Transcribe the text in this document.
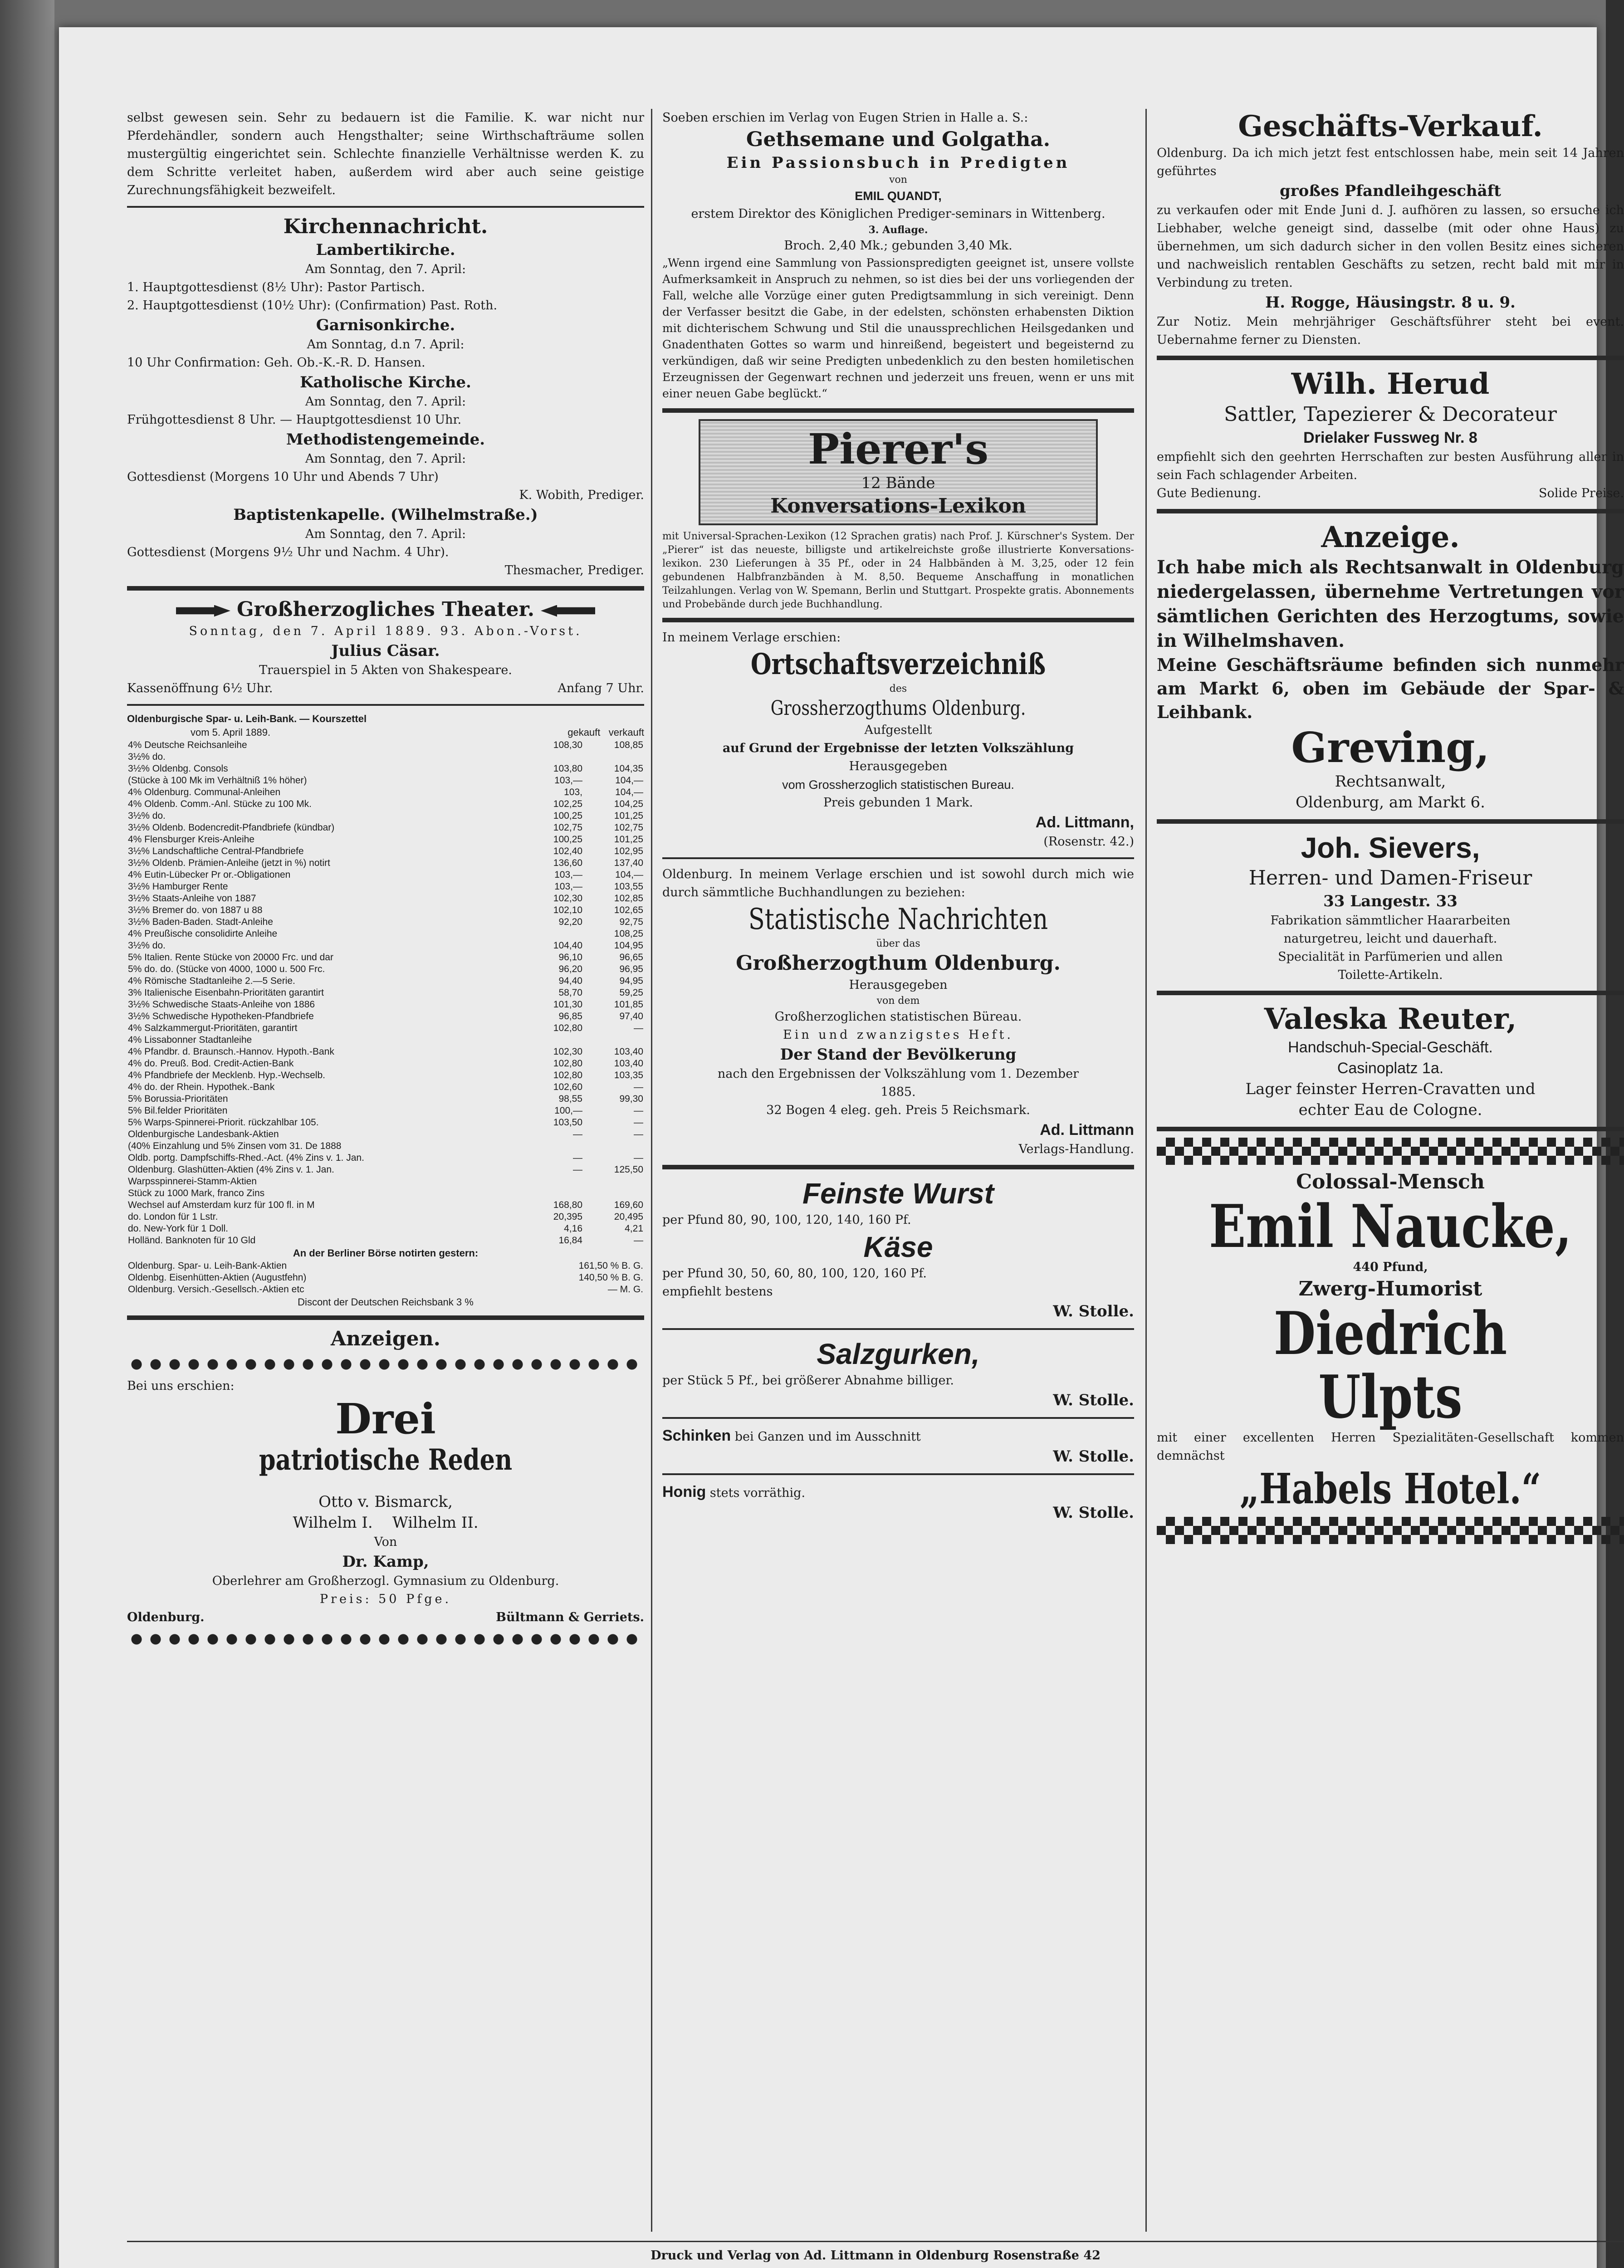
selbst gewesen sein. Sehr zu bedauern ist die Familie. K. war nicht nur Pferdehändler, sondern auch Hengsthalter; seine Wirthschafträume sollen mustergültig eingerichtet sein. Schlechte finanzielle Verhältnisse werden K. zu dem Schritte verleitet haben, außerdem wird aber auch seine geistige Zurechnungsfähigkeit bezweifelt.

Kirchennachricht.
Lambertikirche.
Am Sonntag, den 7. April:
1. Hauptgottesdienst (8½ Uhr): Pastor Partisch.
2. Hauptgottesdienst (10½ Uhr): (Confirmation) Past. Roth.
Garnisonkirche.
Am Sonntag, d.n 7. April:
10 Uhr Confirmation: Geh. Ob.-K.-R. D. Hansen.
Katholische Kirche.
Am Sonntag, den 7. April:
Frühgottesdienst 8 Uhr. — Hauptgottesdienst 10 Uhr.
Methodistengemeinde.
Am Sonntag, den 7. April:
Gottesdienst (Morgens 10 Uhr und Abends 7 Uhr)
K. Wobith, Prediger.
Baptistenkapelle. (Wilhelmstraße.)
Am Sonntag, den 7. April:
Gottesdienst (Morgens 9½ Uhr und Nachm. 4 Uhr).
Thesmacher, Prediger.
Großherzogliches Theater.
Sonntag, den 7. April 1889. 93. Abon.-Vorst.
Julius Cäsar.
Trauerspiel in 5 Akten von Shakespeare.
Kassenöffnung 6½ Uhr.	Anfang 7 Uhr.
Oldenburgische Spar- u. Leih-Bank. — Kourszettel
vom 5. April 1889.	gekauft verkauft
4% Deutsche Reichsanleihe	108,30	108,85
3½% do.		
3½% Oldenbg. Consols	103,80	104,35
(Stücke à 100 Mk im Verhältniß 1% höher)	103,—	104,—
4% Oldenburg. Communal-Anleihen	103,	104,—
4% Oldenb. Comm.-Anl. Stücke zu 100 Mk.	102,25	104,25
3½% do.	100,25	101,25
3½% Oldenb. Bodencredit-Pfandbriefe (kündbar)	102,75	102,75
4% Flensburger Kreis-Anleihe	100,25	101,25
3½% Landschaftliche Central-Pfandbriefe	102,40	102,95
3½% Oldenb. Prämien-Anleihe (jetzt in %) notirt	136,60	137,40
4% Eutin-Lübecker Pr or.-Obligationen	103,—	104,—
3½% Hamburger Rente	103,—	103,55
3½% Staats-Anleihe von 1887	102,30	102,85
3½% Bremer do. von 1887 u 88	102,10	102,65
3½% Baden-Baden. Stadt-Anleihe	92,20	92,75
4% Preußische consolidirte Anleihe		108,25
3½% do.	104,40	104,95
5% Italien. Rente Stücke von 20000 Frc. und dar	96,10	96,65
5% do. do. (Stücke von 4000, 1000 u. 500 Frc.	96,20	96,95
4% Römische Stadtanleihe 2.—5 Serie.	94,40	94,95
3% Italienische Eisenbahn-Prioritäten garantirt	58,70	59,25
3½% Schwedische Staats-Anleihe von 1886	101,30	101,85
3½% Schwedische Hypotheken-Pfandbriefe	96,85	97,40
4% Salzkammergut-Prioritäten, garantirt	102,80	—
4% Lissabonner Stadtanleihe		
4% Pfandbr. d. Braunsch.-Hannov. Hypoth.-Bank	102,30	103,40
4% do. Preuß. Bod. Credit-Actien-Bank	102,80	103,40
4% Pfandbriefe der Mecklenb. Hyp.-Wechselb.	102,80	103,35
4% do. der Rhein. Hypothek.-Bank	102,60	—
5% Borussia-Prioritäten	98,55	99,30
5% Bil.felder Prioritäten	100,—	—
5% Warps-Spinnerei-Priorit. rückzahlbar 105.	103,50	—
Oldenburgische Landesbank-Aktien	—	—
(40% Einzahlung und 5% Zinsen vom 31. De 1888		
Oldb. portg. Dampfschiffs-Rhed.-Act. (4% Zins v. 1. Jan.	—	—
Oldenburg. Glashütten-Aktien (4% Zins v. 1. Jan.	—	125,50
Warpsspinnerei-Stamm-Aktien		
Stück zu 1000 Mark, franco Zins		
Wechsel auf Amsterdam kurz für 100 fl. in M	168,80	169,60
do. London für 1 Lstr.	20,395	20,495
do. New-York für 1 Doll.	4,16	4,21
Holländ. Banknoten für 10 Gld	16,84	—
An der Berliner Börse notirten gestern:
Oldenburg. Spar- u. Leih-Bank-Aktien	161,50 % B. G.
Oldenbg. Eisenhütten-Aktien (Augustfehn)	140,50 % B. G.
Oldenburg. Versich.-Gesellsch.-Aktien etc	— M. G.
Discont der Deutschen Reichsbank 3 %
Anzeigen.
Bei uns erschien:
Drei
patriotische Reden
Otto v. Bismarck,
Wilhelm I. Wilhelm II.
Von
Dr. Kamp,
Oberlehrer am Großherzogl. Gymnasium zu Oldenburg.
Preis: 50 Pfge.
Oldenburg.	Bültmann & Gerriets.

Soeben erschien im Verlag von Eugen Strien in Halle a. S.:

Gethsemane und Golgatha.
Ein Passionsbuch in Predigten
von
EMIL QUANDT,
erstem Direktor des Königlichen Prediger-seminars in Wittenberg.
3. Auflage.
Broch. 2,40 Mk.; gebunden 3,40 Mk.

„Wenn irgend eine Sammlung von Passionspredigten geeignet ist, unsere vollste Aufmerksamkeit in Anspruch zu nehmen, so ist dies bei der uns vorliegenden der Fall, welche alle Vorzüge einer guten Predigtsammlung in sich vereinigt. Denn der Verfasser besitzt die Gabe, in der edelsten, schönsten erhabensten Diktion mit dichterischem Schwung und Stil die unaussprechlichen Heilsgedanken und Gnadenthaten Gottes so warm und hinreißend, begeistert und begeisternd zu verkündigen, daß wir seine Predigten unbedenklich zu den besten homiletischen Erzeugnissen der Gegenwart rechnen und jederzeit uns freuen, wenn er uns mit einer neuen Gabe beglückt.“

Pierer's
12 Bände
Konversations-Lexikon

mit Universal-Sprachen-Lexikon (12 Sprachen gratis) nach Prof. J. Kürschner's System. Der „Pierer“ ist das neueste, billigste und artikelreichste große illustrierte Konversations-lexikon. 230 Lieferungen à 35 Pf., oder in 24 Halbbänden à M. 3,25, oder 12 fein gebundenen Halbfranzbänden à M. 8,50. Bequeme Anschaffung in monatlichen Teilzahlungen. Verlag von W. Spemann, Berlin und Stuttgart. Prospekte gratis. Abonnements und Probebände durch jede Buchhandlung.

In meinem Verlage erschien:
Ortschaftsverzeichniß
des
Grossherzogthums Oldenburg.
Aufgestellt
auf Grund der Ergebnisse der letzten Volkszählung
Herausgegeben
vom Grossherzoglich statistischen Bureau.
Preis gebunden 1 Mark.
Ad. Littmann,
(Rosenstr. 42.)

Oldenburg. In meinem Verlage erschien und ist sowohl durch mich wie durch sämmtliche Buchhandlungen zu beziehen:

Statistische Nachrichten
über das
Großherzogthum Oldenburg.
Herausgegeben
von dem
Großherzoglichen statistischen Büreau.
Ein und zwanzigstes Heft.
Der Stand der Bevölkerung
nach den Ergebnissen der Volkszählung vom 1. Dezember
1885.
32 Bogen 4 eleg. geh. Preis 5 Reichsmark.
Ad. Littmann
Verlags-Handlung.
Feinste Wurst
per Pfund 80, 90, 100, 120, 140, 160 Pf.
Käse
per Pfund 30, 50, 60, 80, 100, 120, 160 Pf.
empfiehlt bestens
W. Stolle.
Salzgurken,
per Stück 5 Pf., bei größerer Abnahme billiger.
W. Stolle.
Schinken bei Ganzen und im Ausschnitt
W. Stolle.
Honig stets vorräthig.
W. Stolle.
Geschäfts-Verkauf.

Oldenburg. Da ich mich jetzt fest entschlossen habe, mein seit 14 Jahren geführtes

großes Pfandleihgeschäft

zu verkaufen oder mit Ende Juni d. J. aufhören zu lassen, so ersuche ich Liebhaber, welche geneigt sind, dasselbe (mit oder ohne Haus) zu übernehmen, um sich dadurch sicher in den vollen Besitz eines sicheren und nachweislich rentablen Geschäfts zu setzen, recht bald mit mir in Verbindung zu treten.

H. Rogge, Häusingstr. 8 u. 9.

Zur Notiz. Mein mehrjähriger Geschäftsführer steht bei event. Uebernahme ferner zu Diensten.

Wilh. Herud
Sattler, Tapezierer & Decorateur
Drielaker Fussweg Nr. 8

empfiehlt sich den geehrten Herrschaften zur besten Ausführung aller in sein Fach schlagender Arbeiten.

Gute Bedienung.	Solide Preise.
Anzeige.

Ich habe mich als Rechtsanwalt in Oldenburg niedergelassen, übernehme Vertretungen vor sämtlichen Gerichten des Herzogtums, sowie in Wilhelmshaven.

Meine Geschäftsräume befinden sich nunmehr am Markt 6, oben im Gebäude der Spar- & Leihbank.

Greving,
Rechtsanwalt,
Oldenburg, am Markt 6.
Joh. Sievers,
Herren- und Damen-Friseur
33 Langestr. 33
Fabrikation sämmtlicher Haararbeiten
naturgetreu, leicht und dauerhaft.
Specialität in Parfümerien und allen
Toilette-Artikeln.
Valeska Reuter,
Handschuh-Special-Geschäft.
Casinoplatz 1a.
Lager feinster Herren-Cravatten und
echter Eau de Cologne.
Colossal-Mensch
Emil Naucke,
440 Pfund,
Zwerg-Humorist
Diedrich Ulpts

mit einer excellenten Herren Spezialitäten-Gesellschaft kommen demnächst

„Habels Hotel.“
Druck und Verlag von Ad. Littmann in Oldenburg Rosenstraße 42
